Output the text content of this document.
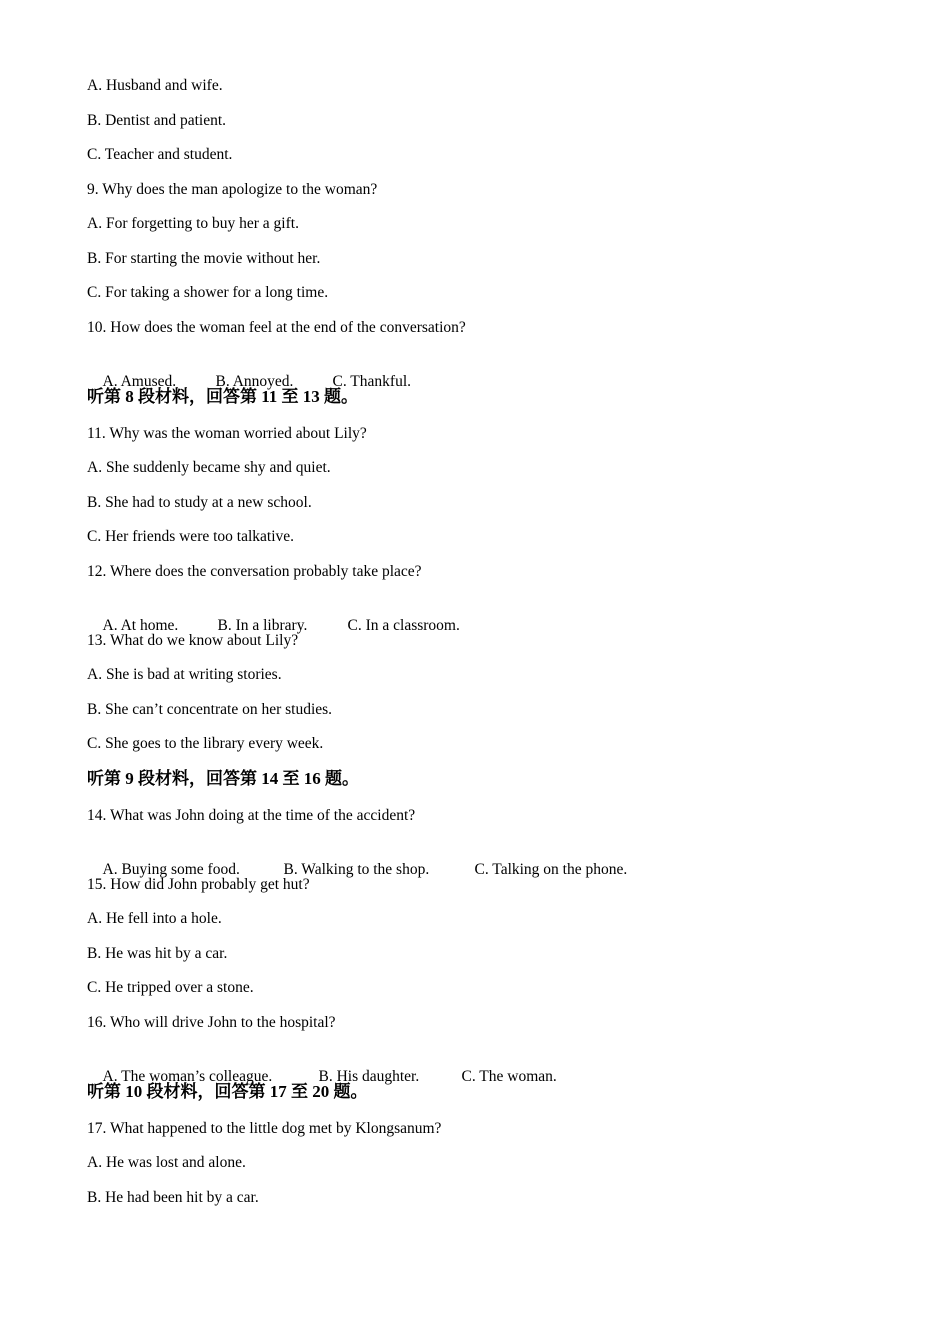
A. Husband and wife.
B. Dentist and patient.
C. Teacher and student.
9. Why does the man apologize to the woman?
A. For forgetting to buy her a gift.
B. For starting the movie without her.
C. For taking a shower for a long time.
10. How does the woman feel at the end of the conversation?

A. Amused.	B. Annoyed.	C. Thankful.

听第 8 段材料，回答第 11 至 13 题。
11. Why was the woman worried about Lily?
A. She suddenly became shy and quiet.
B. She had to study at a new school.
C. Her friends were too talkative.
12. Where does the conversation probably take place?

A. At home.	B. In a library.	C. In a classroom.

13. What do we know about Lily?
A. She is bad at writing stories.
B. She can’t concentrate on her studies.
C. She goes to the library every week.
听第 9 段材料，回答第 14 至 16 题。
14. What was John doing at the time of the accident?

A. Buying some food.	B. Walking to the shop.	C. Talking on the phone.

15. How did John probably get hut?
A. He fell into a hole.
B. He was hit by a car.
C. He tripped over a stone.
16. Who will drive John to the hospital?

A. The woman’s colleague.	B. His daughter.	C. The woman.

听第 10 段材料，回答第 17 至 20 题。
17. What happened to the little dog met by Klongsanum?
A. He was lost and alone.
B. He had been hit by a car.
